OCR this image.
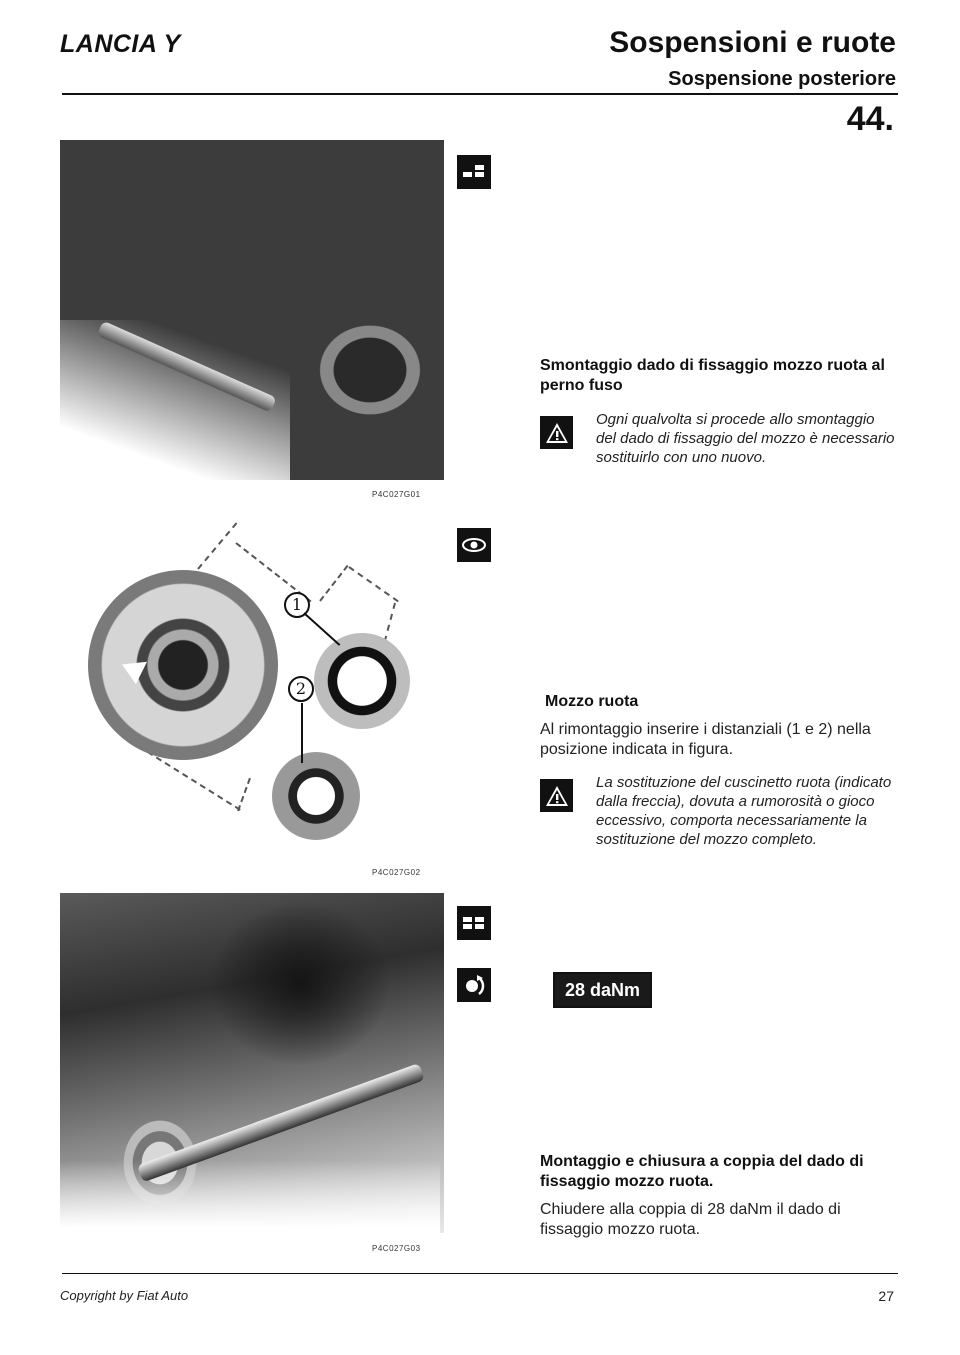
LANCIA Y	Sospensioni e ruote
Sospensione posteriore
44.
P4C027G01
1
2
P4C027G02
P4C027G03
Smontaggio dado di fissaggio mozzo ruota al perno fuso
Ogni qualvolta si procede allo smontaggio del dado di fissaggio del mozzo è necessario sostituirlo con uno nuovo.
Mozzo ruota
Al rimontaggio inserire i distanziali (1 e 2) nella posizione indicata in figura.
La sostituzione del cuscinetto ruota (indicato dalla freccia), dovuta a rumorosità o gioco eccessivo, comporta necessariamente la sostituzione del mozzo completo.
28 daNm
Montaggio e chiusura a coppia del dado di fissaggio mozzo ruota.
Chiudere alla coppia di 28 daNm il dado di fissaggio mozzo ruota.
Copyright by Fiat Auto	27
